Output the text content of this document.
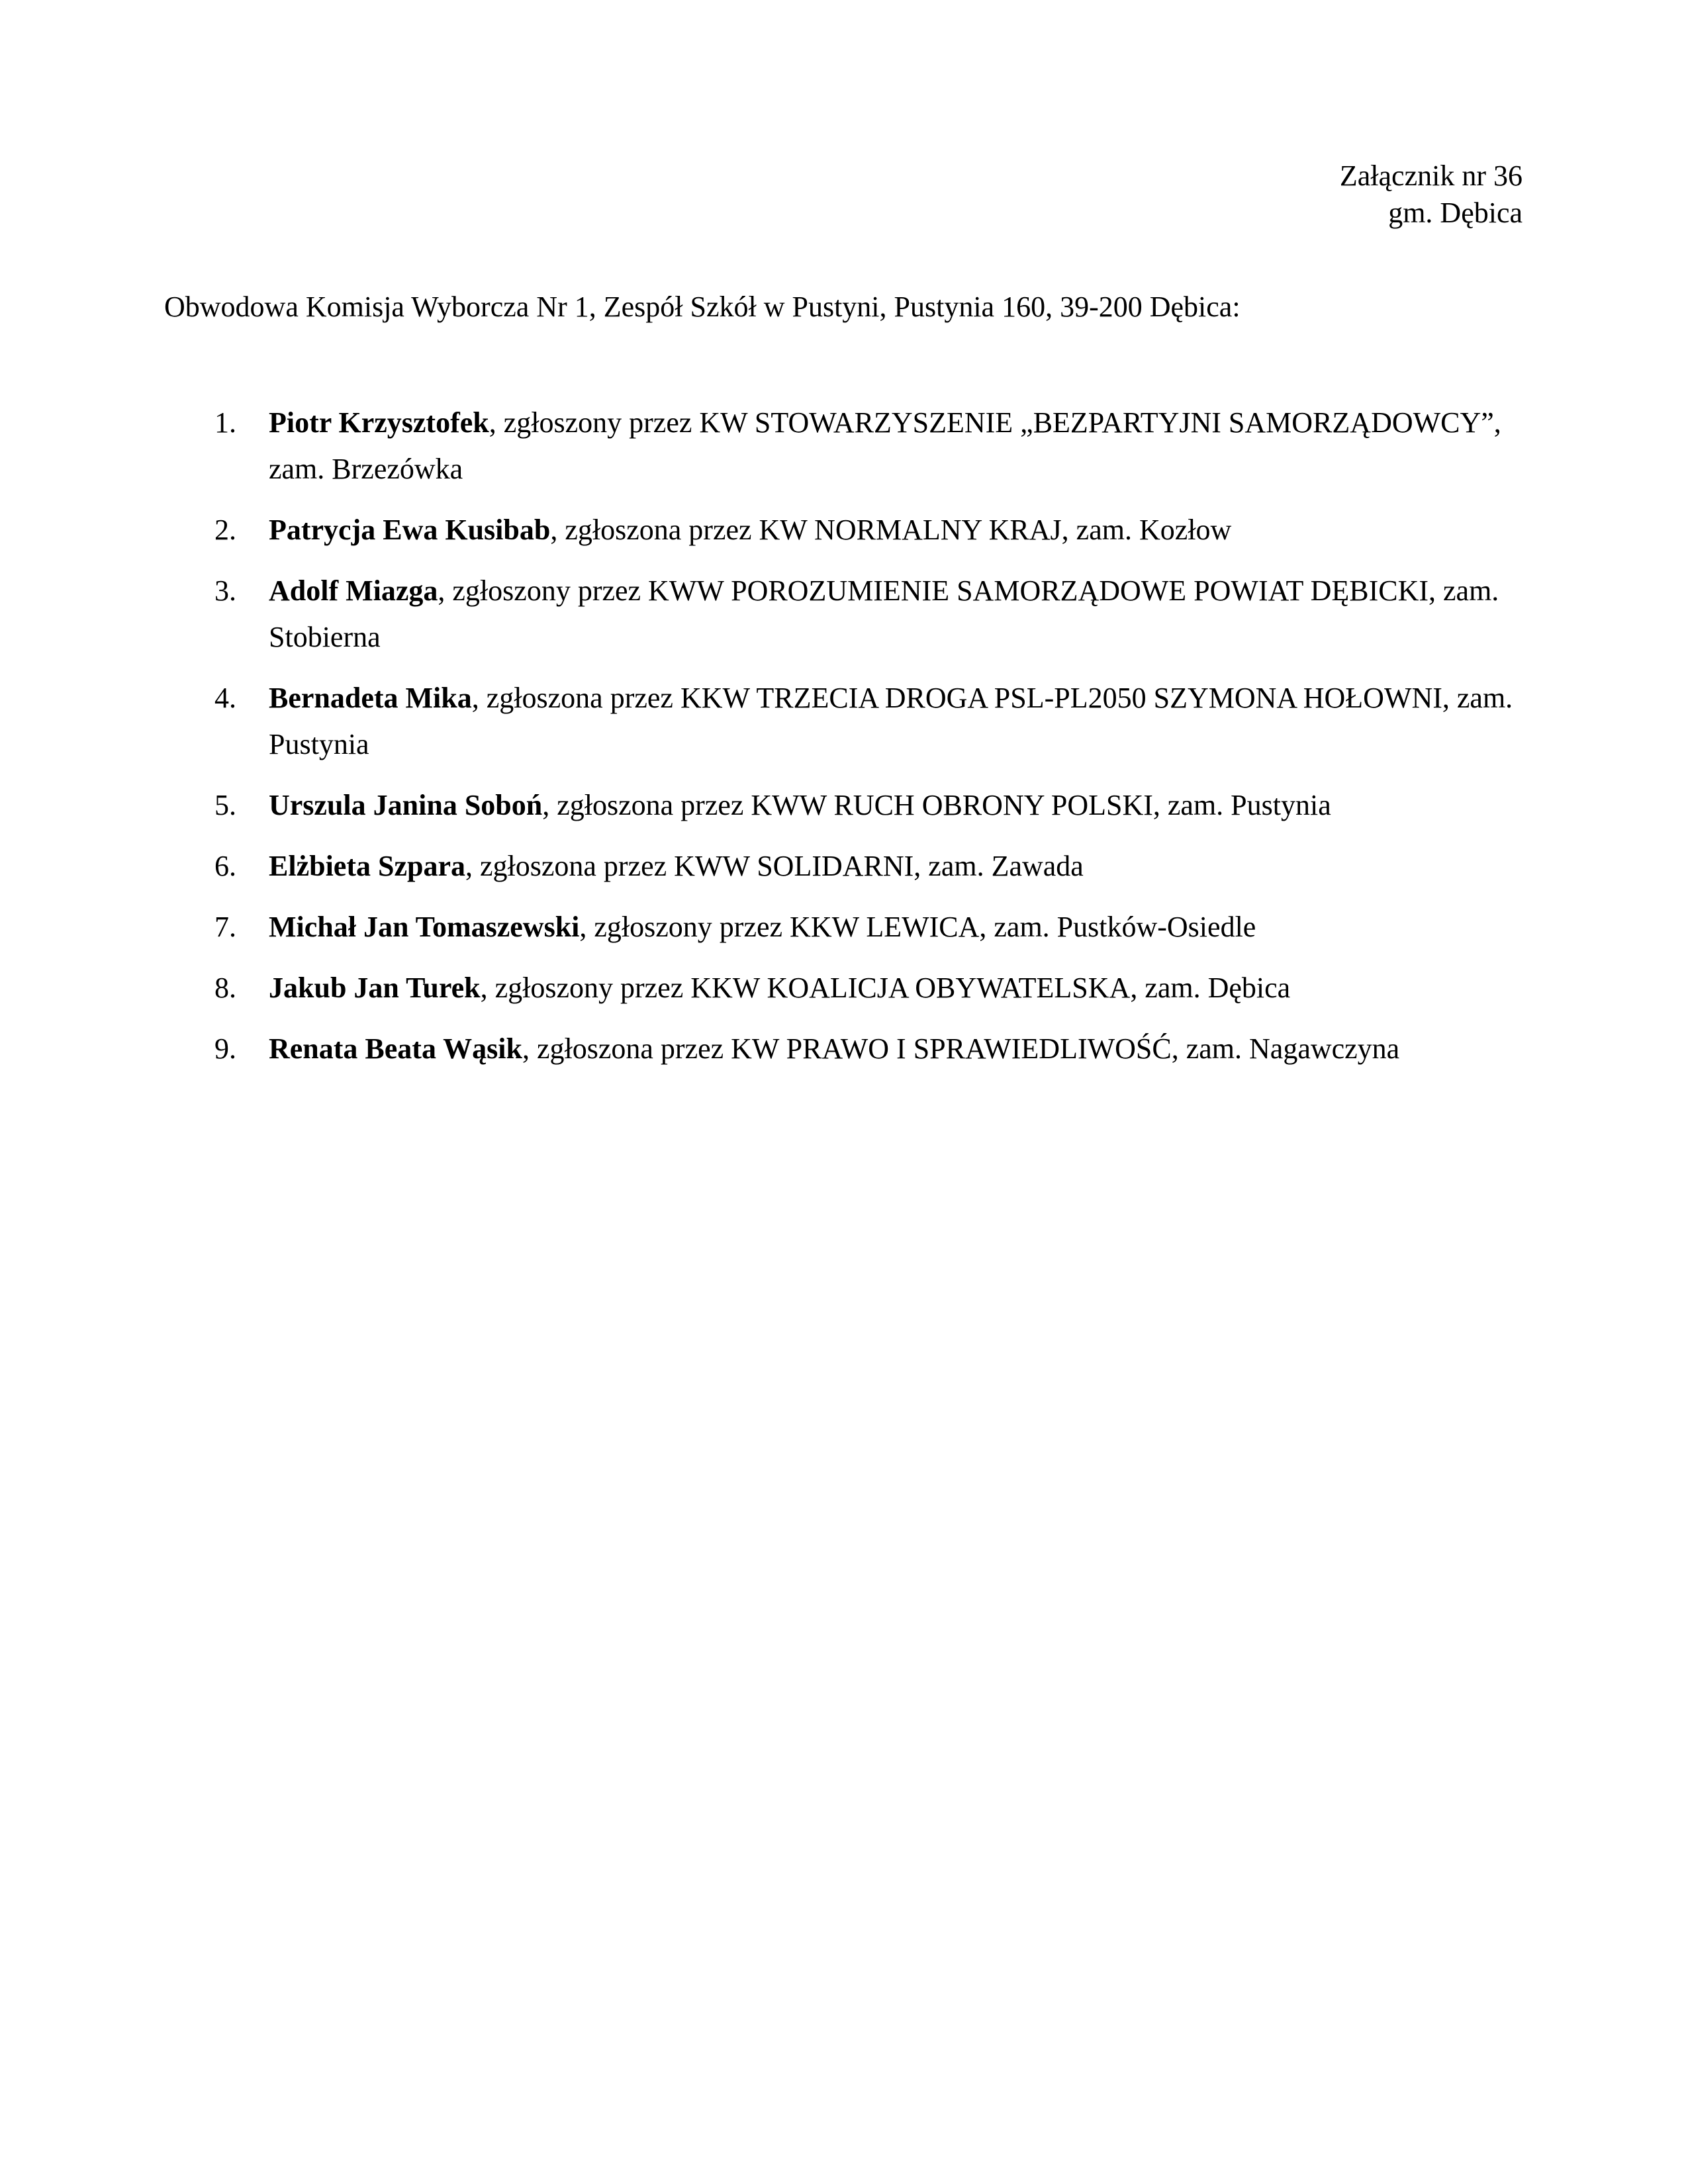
Załącznik nr 36
gm. Dębica
Obwodowa Komisja Wyborcza Nr 1, Zespół Szkół w Pustyni, Pustynia 160, 39-200 Dębica:
1. Piotr Krzysztofek, zgłoszony przez KW STOWARZYSZENIE „BEZPARTYJNI SAMORZĄDOWCY”, zam. Brzezówka
2. Patrycja Ewa Kusibab, zgłoszona przez KW NORMALNY KRAJ, zam. Kozłow
3. Adolf Miazga, zgłoszony przez KWW POROZUMIENIE SAMORZĄDOWE POWIAT DĘBICKI, zam. Stobierna
4. Bernadeta Mika, zgłoszona przez KKW TRZECIA DROGA PSL-PL2050 SZYMONA HOŁOWNI, zam. Pustynia
5. Urszula Janina Soboń, zgłoszona przez KWW RUCH OBRONY POLSKI, zam. Pustynia
6. Elżbieta Szpara, zgłoszona przez KWW SOLIDARNI, zam. Zawada
7. Michał Jan Tomaszewski, zgłoszony przez KKW LEWICA, zam. Pustków-Osiedle
8. Jakub Jan Turek, zgłoszony przez KKW KOALICJA OBYWATELSKA, zam. Dębica
9. Renata Beata Wąsik, zgłoszona przez KW PRAWO I SPRAWIEDLIWOŚĆ, zam. Nagawczyna
